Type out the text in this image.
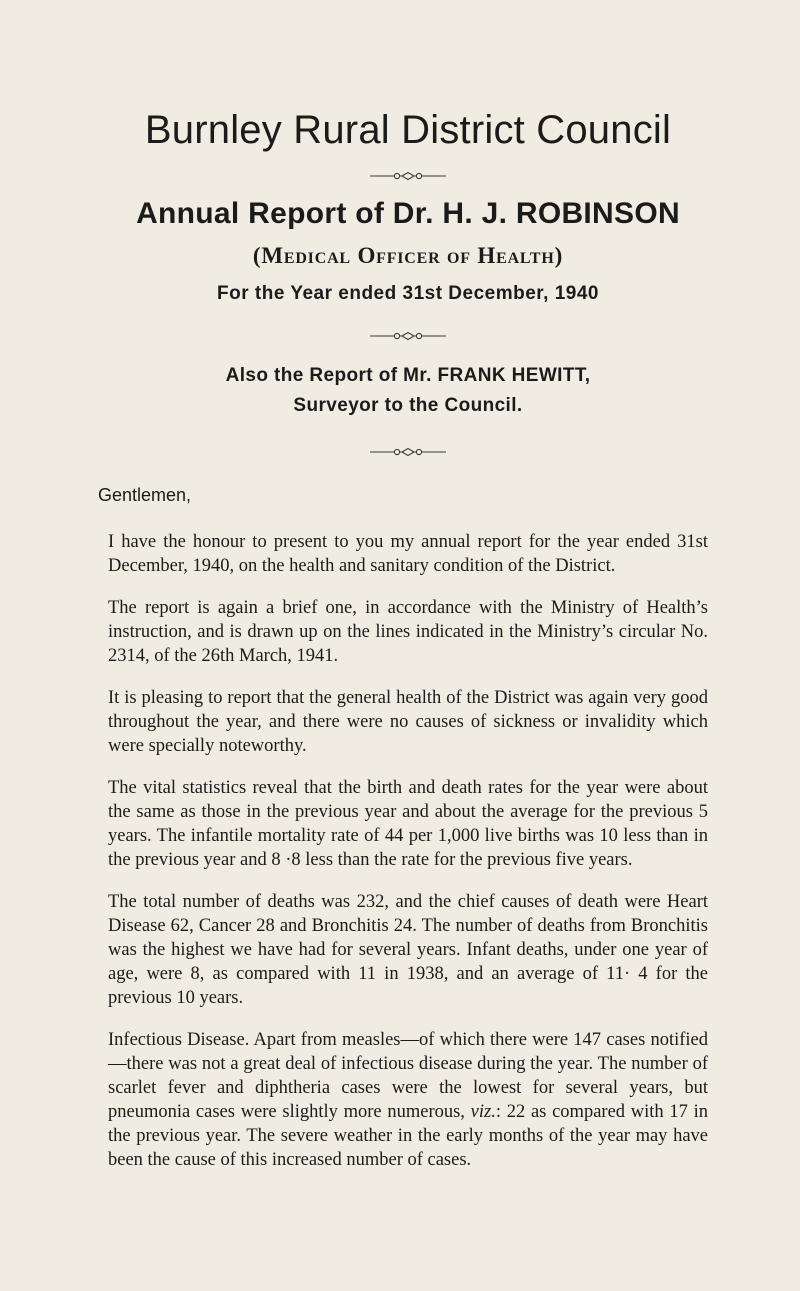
Burnley Rural District Council
Annual Report of Dr. H. J. ROBINSON
(Medical Officer of Health)
For the Year ended 31st December, 1940
Also the Report of Mr. FRANK HEWITT,
Surveyor to the Council.
Gentlemen,

I have the honour to present to you my annual report for the year ended 31st December, 1940, on the health and sanitary condition of the District.

The report is again a brief one, in accordance with the Ministry of Health’s instruction, and is drawn up on the lines indicated in the Ministry’s circular No. 2314, of the 26th March, 1941.

It is pleasing to report that the general health of the District was again very good throughout the year, and there were no causes of sickness or invalidity which were specially noteworthy.

The vital statistics reveal that the birth and death rates for the year were about the same as those in the previous year and about the average for the previous 5 years. The infantile mortality rate of 44 per 1,000 live births was 10 less than in the previous year and 8 ·8 less than the rate for the previous five years.

The total number of deaths was 232, and the chief causes of death were Heart Disease 62, Cancer 28 and Bronchitis 24. The number of deaths from Bronchitis was the highest we have had for several years. Infant deaths, under one year of age, were 8, as compared with 11 in 1938, and an average of 11· 4 for the previous 10 years.

Infectious Disease. Apart from measles—of which there were 147 cases notified—there was not a great deal of infectious disease during the year. The number of scarlet fever and diphtheria cases were the lowest for several years, but pneumonia cases were slightly more numerous, viz.: 22 as compared with 17 in the previous year. The severe weather in the early months of the year may have been the cause of this increased number of cases.
